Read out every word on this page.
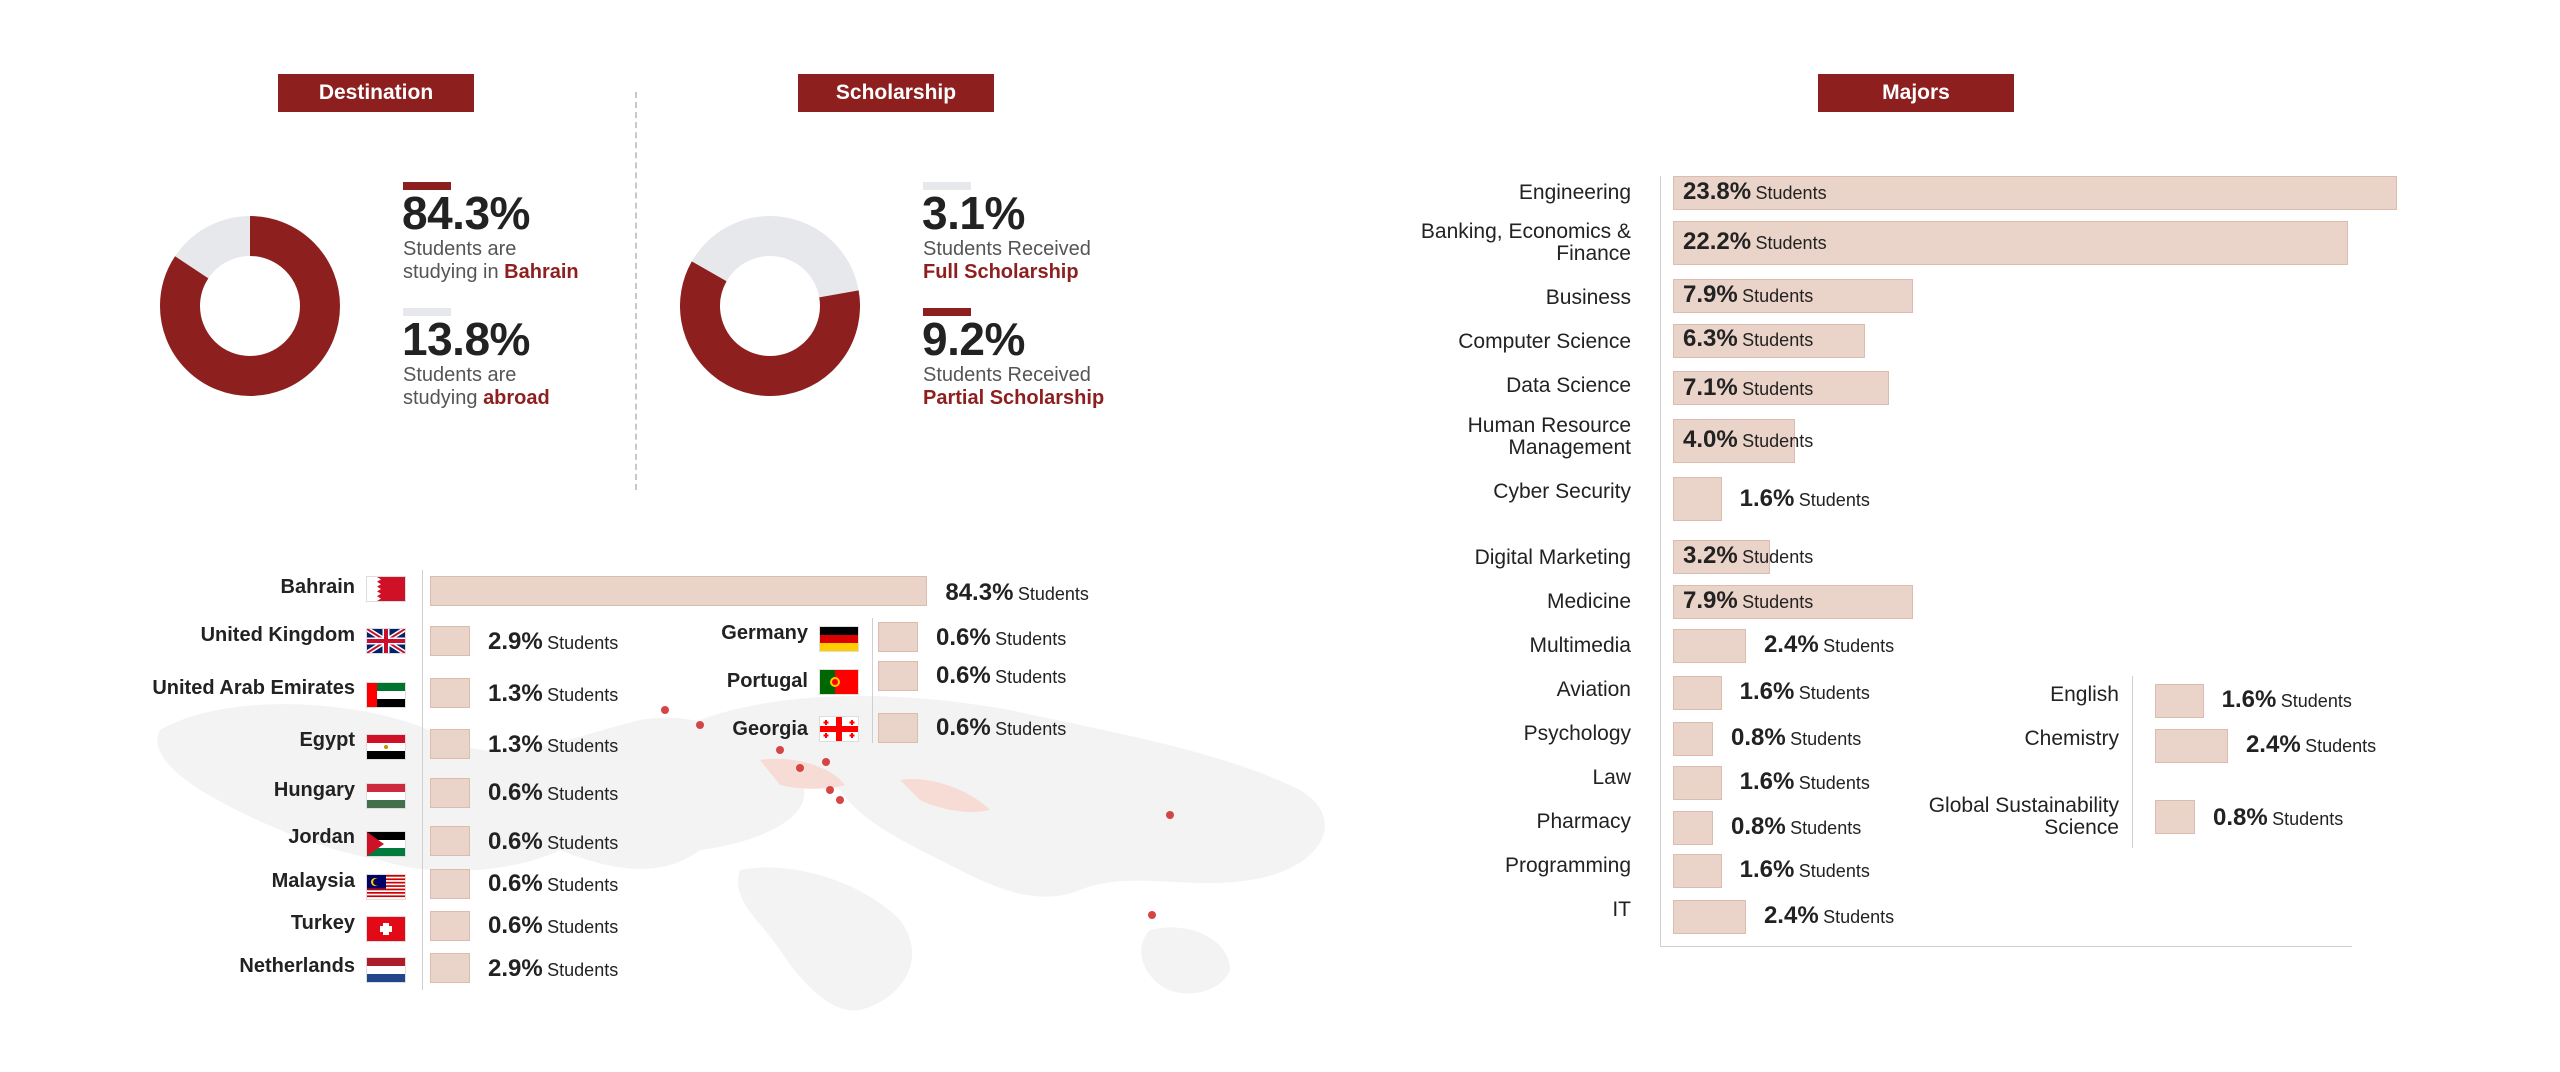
Destination	Scholarship	Majors
84.3%
Students are
studying in Bahrain
13.8%
Students are
studying abroad
3.1%
Students Received
Full Scholarship
9.2%
Students Received
Partial Scholarship
Bahrain	84.3% Students
United Kingdom	2.9% Students
United Arab Emirates	1.3% Students
Egypt	1.3% Students
Hungary	0.6% Students
Jordan	0.6% Students
Malaysia	0.6% Students
Turkey	0.6% Students
Netherlands	2.9% Students
Germany	0.6% Students
Portugal	0.6% Students
Georgia	0.6% Students
Engineering 23.8% Students
Banking, Economics & Finance 22.2% Students
Business 7.9% Students
Computer Science 6.3% Students
Data Science 7.1% Students
Human Resource Management 4.0% Students
Cyber Security	1.6% Students
Digital Marketing 3.2% Students
Medicine 7.9% Students
Multimedia	2.4% Students
Aviation	1.6% Students
Psychology	0.8% Students
Law	1.6% Students
Pharmacy	0.8% Students
Programming	1.6% Students
IT	2.4% Students
English	1.6% Students
Chemistry	2.4% Students
Global Sustainability Science	0.8% Students
